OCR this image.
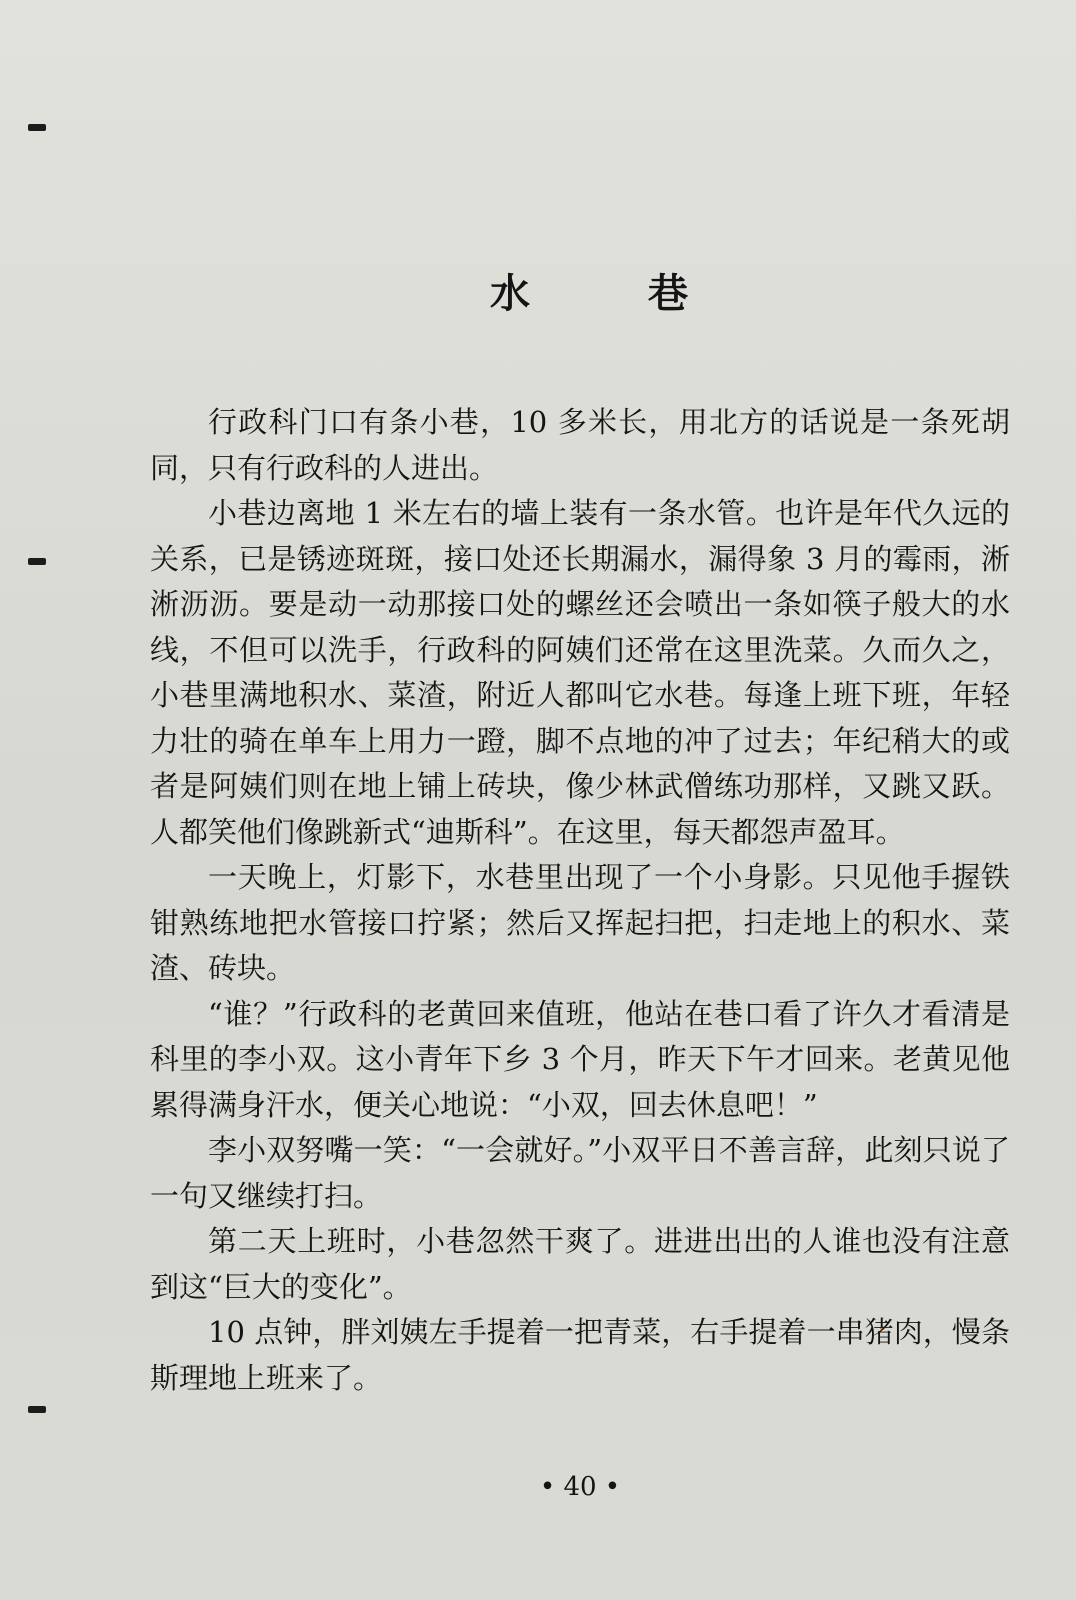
水 巷

行政科门口有条小巷，10 多米长，用北方的话说是一条死胡同，只有行政科的人进出。

小巷边离地 1 米左右的墙上装有一条水管。也许是年代久远的关系，已是锈迹斑斑，接口处还长期漏水，漏得象 3 月的霉雨，淅淅沥沥。要是动一动那接口处的螺丝还会喷出一条如筷子般大的水线，不但可以洗手，行政科的阿姨们还常在这里洗菜。久而久之，小巷里满地积水、菜渣，附近人都叫它水巷。每逢上班下班，年轻力壮的骑在单车上用力一蹬，脚不点地的冲了过去；年纪稍大的或者是阿姨们则在地上铺上砖块，像少林武僧练功那样，又跳又跃。人都笑他们像跳新式“迪斯科”。在这里，每天都怨声盈耳。

一天晚上，灯影下，水巷里出现了一个小身影。只见他手握铁钳熟练地把水管接口拧紧；然后又挥起扫把，扫走地上的积水、菜渣、砖块。

“谁？”行政科的老黄回来值班，他站在巷口看了许久才看清是科里的李小双。这小青年下乡 3 个月，昨天下午才回来。老黄见他累得满身汗水，便关心地说：“小双，回去休息吧！”

李小双努嘴一笑：“一会就好。”小双平日不善言辞，此刻只说了一句又继续打扫。

第二天上班时，小巷忽然干爽了。进进出出的人谁也没有注意到这“巨大的变化”。

10 点钟，胖刘姨左手提着一把青菜，右手提着一串猪肉，慢条斯理地上班来了。

• 40 •
